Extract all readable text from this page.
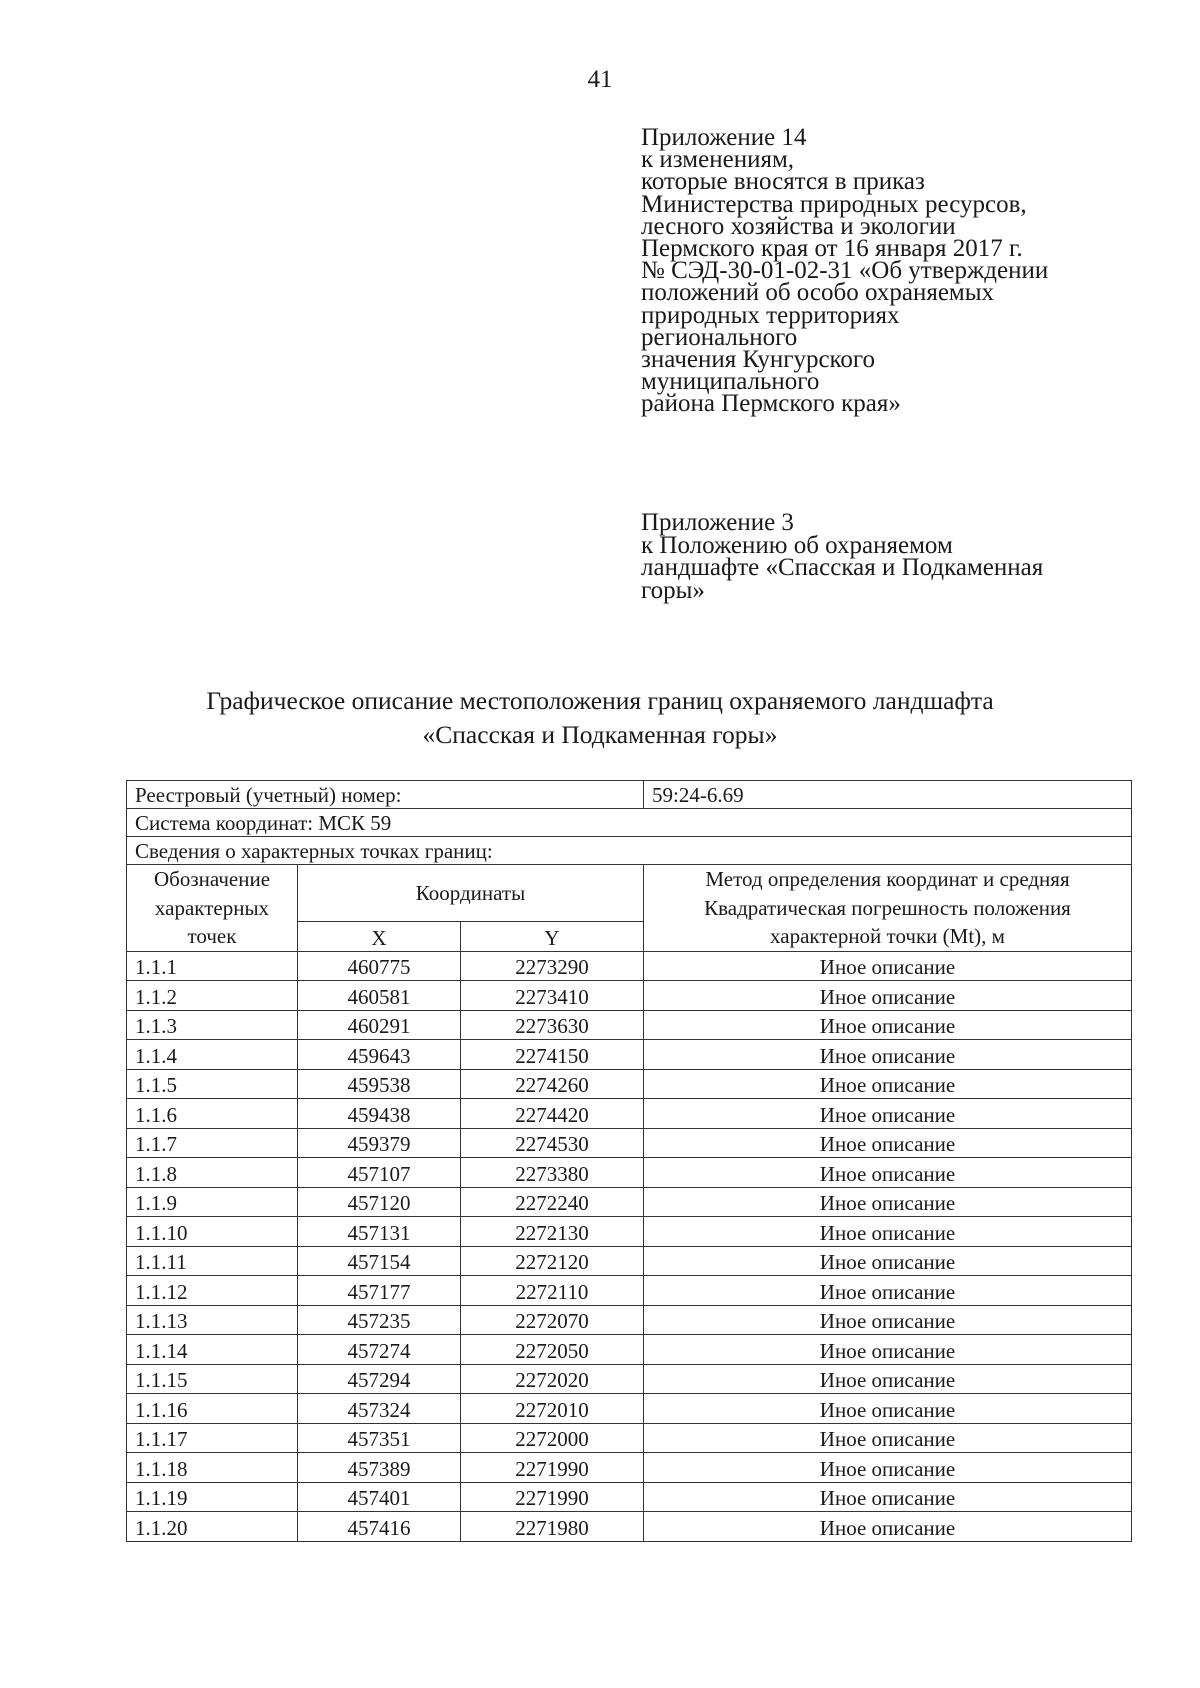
41
Приложение 14
к изменениям,
которые вносятся в приказ
Министерства природных ресурсов,
лесного хозяйства и экологии
Пермского края от 16 января 2017 г.
№ СЭД-30-01-02-31 «Об утверждении
положений об особо охраняемых
природных территориях
регионального
значения Кунгурского
муниципального
района Пермского края»
Приложение 3
к Положению об охраняемом
ландшафте «Спасская и Подкаменная
горы»
Графическое описание местоположения границ охраняемого ландшафта
«Спасская и Подкаменная горы»
Реестровый (учетный) номер:			59:24-6.69
Система координат: МСК 59			
Сведения о характерных точках границ:			
Обозначение характерных точек	Координаты		Метод определения координат и средняя Квадратическая погрешность положения характерной точки (Mt), м
	X	Y	
1.1.1	460775	2273290	Иное описание
1.1.2	460581	2273410	Иное описание
1.1.3	460291	2273630	Иное описание
1.1.4	459643	2274150	Иное описание
1.1.5	459538	2274260	Иное описание
1.1.6	459438	2274420	Иное описание
1.1.7	459379	2274530	Иное описание
1.1.8	457107	2273380	Иное описание
1.1.9	457120	2272240	Иное описание
1.1.10	457131	2272130	Иное описание
1.1.11	457154	2272120	Иное описание
1.1.12	457177	2272110	Иное описание
1.1.13	457235	2272070	Иное описание
1.1.14	457274	2272050	Иное описание
1.1.15	457294	2272020	Иное описание
1.1.16	457324	2272010	Иное описание
1.1.17	457351	2272000	Иное описание
1.1.18	457389	2271990	Иное описание
1.1.19	457401	2271990	Иное описание
1.1.20	457416	2271980	Иное описание
